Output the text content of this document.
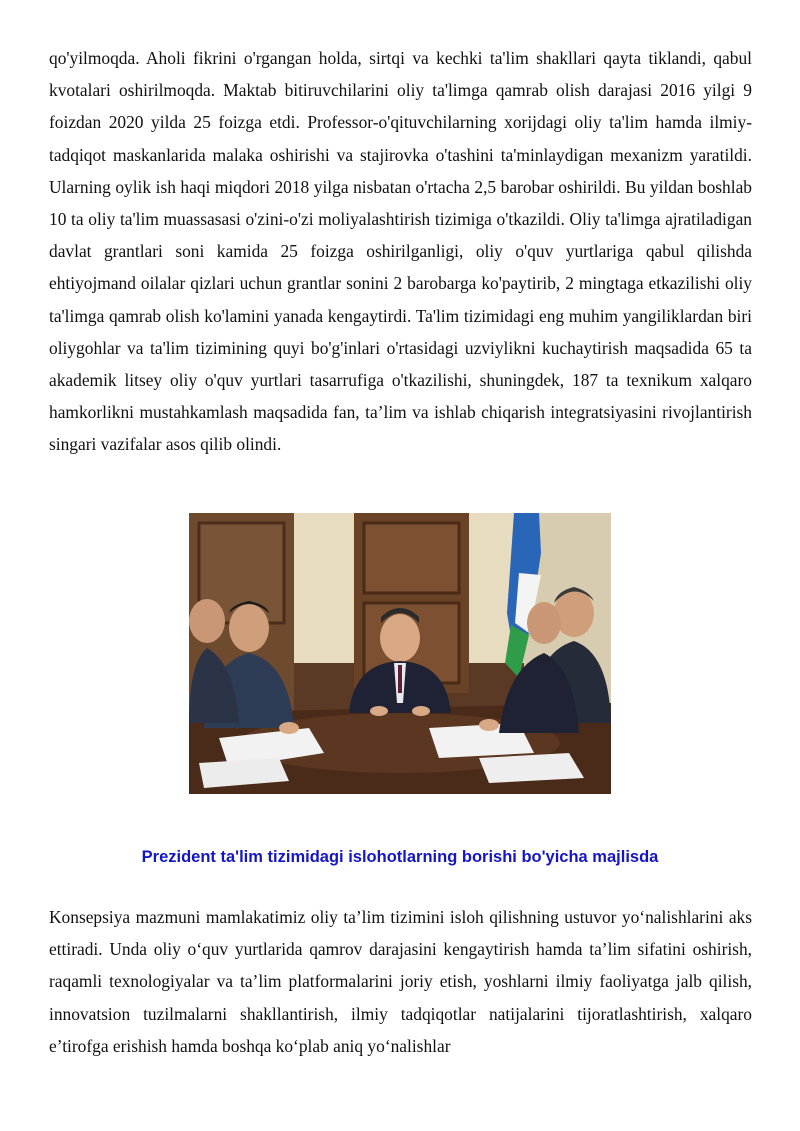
qo'yilmoqda. Aholi fikrini o'rgangan holda, sirtqi va kechki ta'lim shakllari qayta tiklandi, qabul kvotalari oshirilmoqda. Maktab bitiruvchilarini oliy ta'limga qamrab olish darajasi 2016 yilgi 9 foizdan 2020 yilda 25 foizga etdi. Professor-o'qituvchilarning xorijdagi oliy ta'lim hamda ilmiy-tadqiqot maskanlarida malaka oshirishi va stajirovka o'tashini ta'minlaydigan mexanizm yaratildi. Ularning oylik ish haqi miqdori 2018 yilga nisbatan o'rtacha 2,5 barobar oshirildi. Bu yildan boshlab 10 ta oliy ta'lim muassasasi o'zini-o'zi moliyalashtirish tizimiga o'tkazildi. Oliy ta'limga ajratiladigan davlat grantlari soni kamida 25 foizga oshirilganligi, oliy o'quv yurtlariga qabul qilishda ehtiyojmand oilalar qizlari uchun grantlar sonini 2 barobarga ko'paytirib, 2 mingtaga etkazilishi oliy ta'limga qamrab olish ko'lamini yanada kengaytirdi. Ta'lim tizimidagi eng muhim yangiliklardan biri oliygohlar va ta'lim tizimining quyi bo'g'inlari o'rtasidagi uzviylikni kuchaytirish maqsadida 65 ta akademik litsey oliy o'quv yurtlari tasarrufiga o'tkazilishi, shuningdek, 187 ta texnikum xalqaro hamkorlikni mustahkamlash maqsadida fan, ta’lim va ishlab chiqarish integratsiyasini rivojlantirish singari vazifalar asos qilib olindi.

Prezident ta'lim tizimidagi islohotlarning borishi bo'yicha majlisda

Konsepsiya mazmuni mamlakatimiz oliy ta’lim tizimini isloh qilishning ustuvor yo‘nalishlarini aks ettiradi. Unda oliy o‘quv yurtlarida qamrov darajasini kengaytirish hamda ta’lim sifatini oshirish, raqamli texnologiyalar va ta’lim platformalarini joriy etish, yoshlarni ilmiy faoliyatga jalb qilish, innovatsion tuzilmalarni shakllantirish, ilmiy tadqiqotlar natijalarini tijoratlashtirish, xalqaro e’tirofga erishish hamda boshqa ko‘plab aniq yo‘nalishlar
